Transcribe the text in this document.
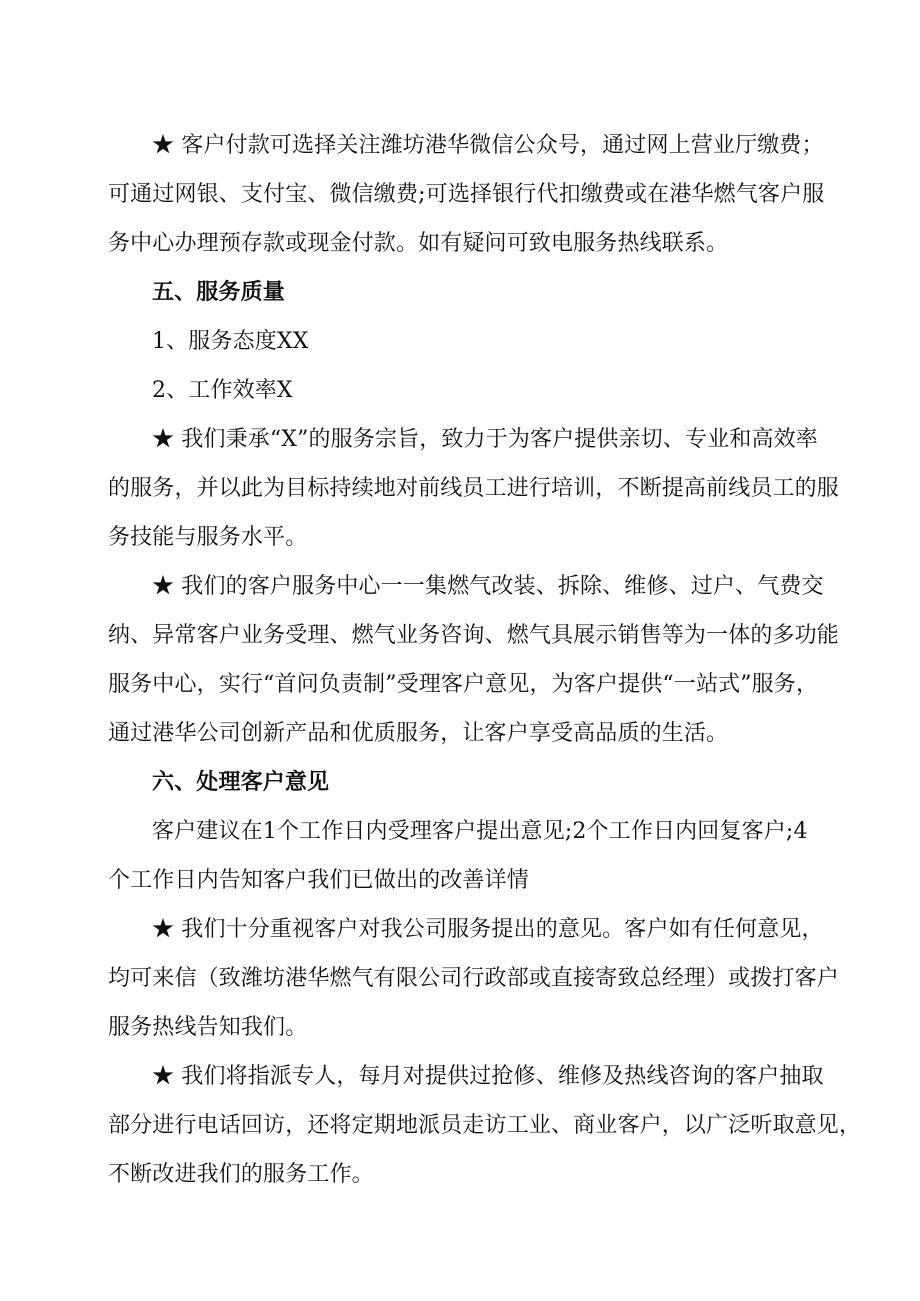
★ 客户付款可选择关注潍坊港华微信公众号，通过网上营业厅缴费；
可通过网银、支付宝、微信缴费;可选择银行代扣缴费或在港华燃气客户服
务中心办理预存款或现金付款。如有疑问可致电服务热线联系。
五、服务质量
1、服务态度XX
2、工作效率X
★ 我们秉承“X”的服务宗旨，致力于为客户提供亲切、专业和高效率
的服务，并以此为目标持续地对前线员工进行培训，不断提高前线员工的服
务技能与服务水平。
★ 我们的客户服务中心一一集燃气改装、拆除、维修、过户、气费交
纳、异常客户业务受理、燃气业务咨询、燃气具展示销售等为一体的多功能
服务中心，实行“首问负责制”受理客户意见，为客户提供“一站式”服务，
通过港华公司创新产品和优质服务，让客户享受高品质的生活。
六、处理客户意见
客户建议在1个工作日内受理客户提出意见;2个工作日内回复客户;4
个工作日内告知客户我们已做出的改善详情
★ 我们十分重视客户对我公司服务提出的意见。客户如有任何意见，
均可来信（致潍坊港华燃气有限公司行政部或直接寄致总经理）或拨打客户
服务热线告知我们。
★ 我们将指派专人，每月对提供过抢修、维修及热线咨询的客户抽取
部分进行电话回访，还将定期地派员走访工业、商业客户，以广泛听取意见，
不断改进我们的服务工作。
